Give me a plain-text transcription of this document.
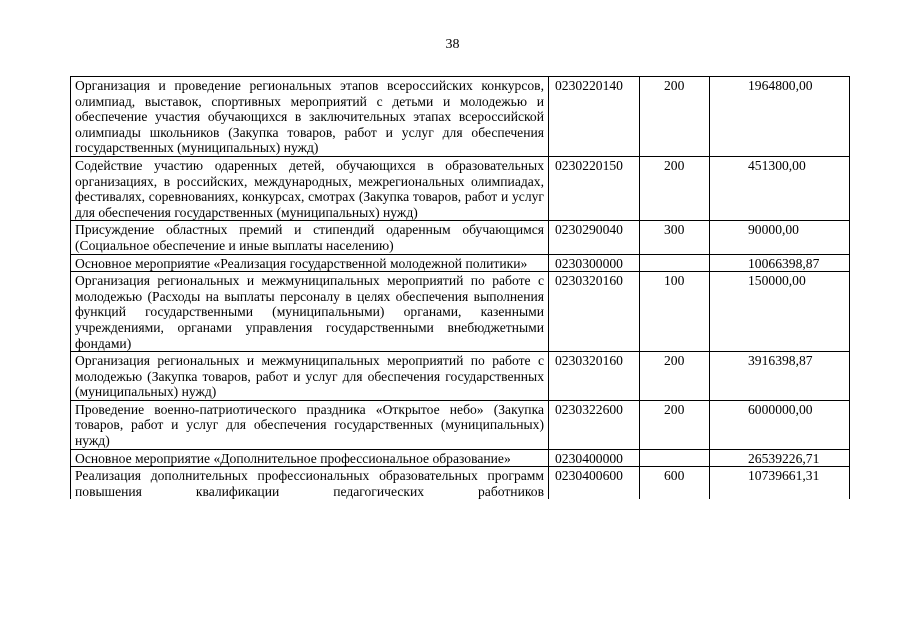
38
Организация и проведение региональных этапов всероссийских конкурсов, олимпиад, выставок, спортивных мероприятий с детьми и молодежью и обеспечение участия обучающихся в заключительных этапах всероссийской олимпиады школьников (Закупка товаров, работ и услуг для обеспечения государственных (муниципальных) нужд)	0230220140	200	1964800,00
Содействие участию одаренных детей, обучающихся в образовательных организациях, в российских, международных, межрегиональных олимпиадах, фестивалях, соревнованиях, конкурсах, смотрах (Закупка товаров, работ и услуг для обеспечения государственных (муниципальных) нужд)	0230220150	200	451300,00
Присуждение областных премий и стипендий одаренным обучающимся (Социальное обеспечение и иные выплаты населению)	0230290040	300	90000,00
Основное мероприятие «Реализация государственной молодежной политики»	0230300000		10066398,87
Организация региональных и межмуниципальных мероприятий по работе с молодежью (Расходы на выплаты персоналу в целях обеспечения выполнения функций государственными (муниципальными) органами, казенными учреждениями, органами управления государственными внебюджетными фондами)	0230320160	100	150000,00
Организация региональных и межмуниципальных мероприятий по работе с молодежью (Закупка товаров, работ и услуг для обеспечения государственных (муниципальных) нужд)	0230320160	200	3916398,87
Проведение военно-патриотического праздника «Открытое небо» (Закупка товаров, работ и услуг для обеспечения государственных (муниципальных) нужд)	0230322600	200	6000000,00
Основное мероприятие «Дополнительное профессиональное образование»	0230400000		26539226,71
Реализация дополнительных профессиональных образовательных программ повышения квалификации педагогических работников	0230400600	600	10739661,31
